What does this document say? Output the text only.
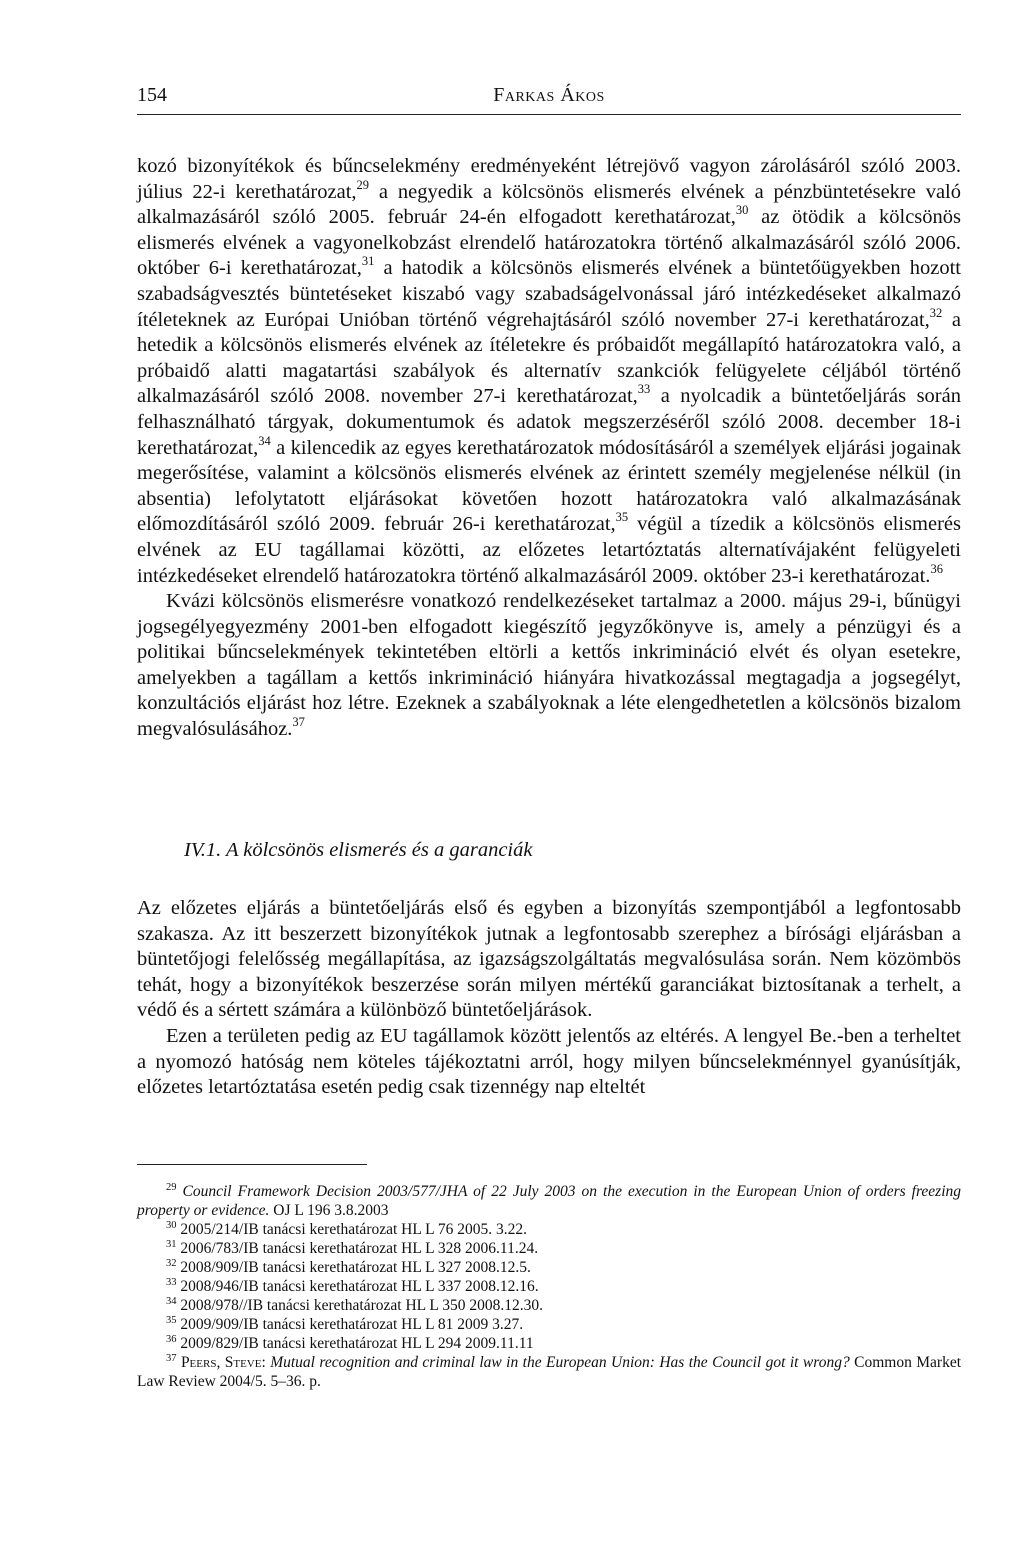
154	Farkas Ákos

kozó bizonyítékok és bűncselekmény eredményeként létrejövő vagyon zárolásáról szóló 2003. július 22-i kerethatározat,$^{29}$ a negyedik a kölcsönös elismerés elvének a pénzbüntetésekre való alkalmazásáról szóló 2005. február 24-én elfogadott kerethatározat,$^{30}$ az ötödik a kölcsönös elismerés elvének a vagyonelkobzást elrendelő határozatokra történő alkalmazásáról szóló 2006. október 6-i kerethatározat,$^{31}$ a hatodik a kölcsönös elismerés elvének a büntetőügyekben hozott szabadságvesztés büntetéseket kiszabó vagy szabadságelvonással járó intézkedéseket alkalmazó ítéleteknek az Európai Unióban történő végrehajtásáról szóló november 27-i kerethatározat,$^{32}$ a hetedik a kölcsönös elismerés elvének az ítéletekre és próbaidőt megállapító határozatokra való, a próbaidő alatti magatartási szabályok és alternatív szankciók felügyelete céljából történő alkalmazásáról szóló 2008. november 27-i kerethatározat,$^{33}$ a nyolcadik a büntetőeljárás során felhasználható tárgyak, dokumentumok és adatok megszerzéséről szóló 2008. december 18-i kerethatározat,$^{34}$ a kilencedik az egyes kerethatározatok módosításáról a személyek eljárási jogainak megerősítése, valamint a kölcsönös elismerés elvének az érintett személy megjelenése nélkül (in absentia) lefolytatott eljárásokat követően hozott határozatokra való alkalmazásának előmozdításáról szóló 2009. február 26-i kerethatározat,$^{35}$ végül a tízedik a kölcsönös elismerés elvének az EU tagállamai közötti, az előzetes letartóztatás alternatívájaként felügyeleti intézkedéseket elrendelő határozatokra történő alkalmazásáról 2009. október 23-i kerethatározat.$^{36}$

Kvázi kölcsönös elismerésre vonatkozó rendelkezéseket tartalmaz a 2000. május 29-i, bűnügyi jogsegélyegyezmény 2001-ben elfogadott kiegészítő jegyzőkönyve is, amely a pénzügyi és a politikai bűncselekmények tekintetében eltörli a kettős inkrimináció elvét és olyan esetekre, amelyekben a tagállam a kettős inkrimináció hiányára hivatkozással megtagadja a jogsegélyt, konzultációs eljárást hoz létre. Ezeknek a szabályoknak a léte elengedhetetlen a kölcsönös bizalom megvalósulásához.$^{37}$

IV.1. A kölcsönös elismerés és a garanciák

Az előzetes eljárás a büntetőeljárás első és egyben a bizonyítás szempontjából a legfontosabb szakasza. Az itt beszerzett bizonyítékok jutnak a legfontosabb szerephez a bírósági eljárásban a büntetőjogi felelősség megállapítása, az igazságszolgáltatás megvalósulása során. Nem közömbös tehát, hogy a bizonyítékok beszerzése során milyen mértékű garanciákat biztosítanak a terhelt, a védő és a sértett számára a különböző büntetőeljárások.

Ezen a területen pedig az EU tagállamok között jelentős az eltérés. A lengyel Be.-ben a terheltet a nyomozó hatóság nem köteles tájékoztatni arról, hogy milyen bűncselekménnyel gyanúsítják, előzetes letartóztatása esetén pedig csak tizennégy nap elteltét

$^{29}$ Council Framework Decision 2003/577/JHA of 22 July 2003 on the execution in the European Union of orders freezing property or evidence. OJ L 196 3.8.2003

$^{30}$ 2005/214/IB tanácsi kerethatározat HL L 76 2005. 3.22.

$^{31}$ 2006/783/IB tanácsi kerethatározat HL L 328 2006.11.24.

$^{32}$ 2008/909/IB tanácsi kerethatározat HL L 327 2008.12.5.

$^{33}$ 2008/946/IB tanácsi kerethatározat HL L 337 2008.12.16.

$^{34}$ 2008/978//IB tanácsi kerethatározat HL L 350 2008.12.30.

$^{35}$ 2009/909/IB tanácsi kerethatározat HL L 81 2009 3.27.

$^{36}$ 2009/829/IB tanácsi kerethatározat HL L 294 2009.11.11

$^{37}$ Peers, Steve: Mutual recognition and criminal law in the European Union: Has the Council got it wrong? Common Market Law Review 2004/5. 5–36. p.
